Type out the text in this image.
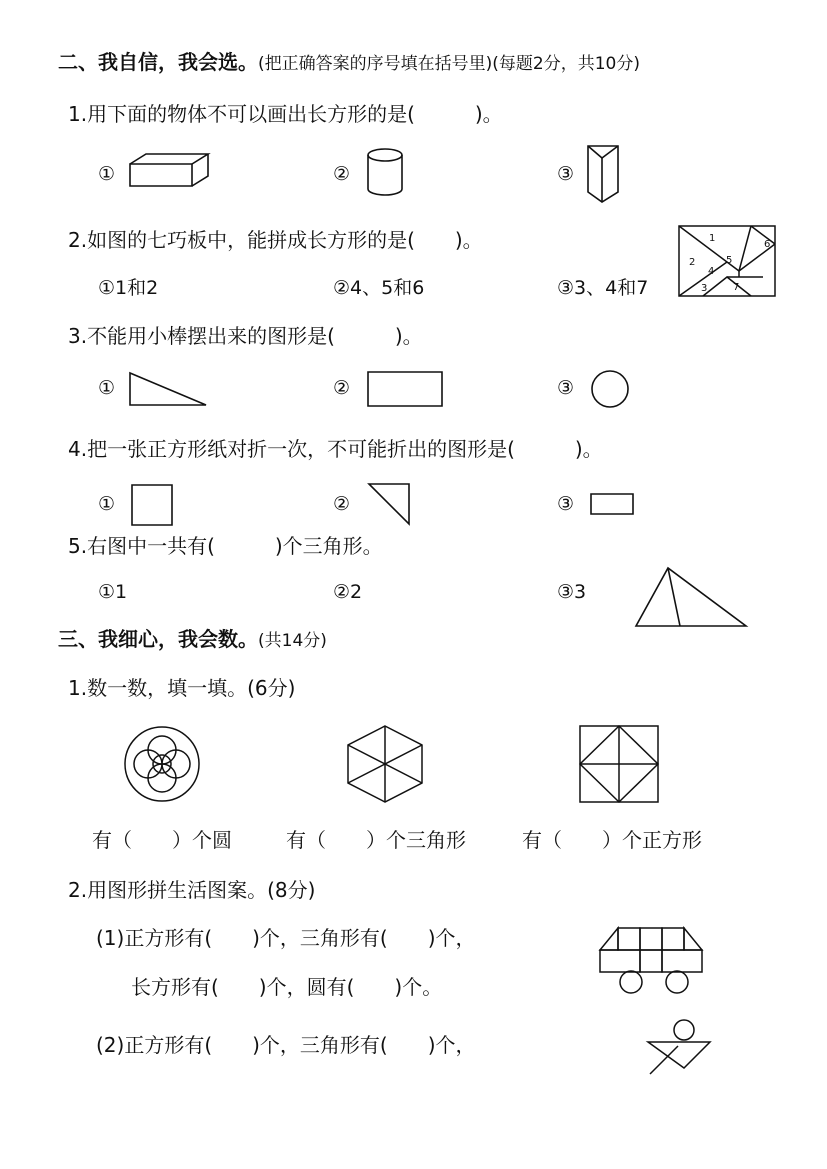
二、我自信，我会选。(把正确答案的序号填在括号里)(每题2分，共10分)
1.用下面的物体不可以画出长方形的是(　　　)。
①	②	③
2.如图的七巧板中，能拼成长方形的是(　　)。
①1和2	②4、5和6	③3、4和7
1
2
3
4
5
6
7
3.不能用小棒摆出来的图形是(　　　)。
①	②	③
4.把一张正方形纸对折一次，不可能折出的图形是(　　　)。
①	②	③
5.右图中一共有(　　　)个三角形。
①1	②2	③3
三、我细心，我会数。(共14分)
1.数一数，填一填。(6分)
有（　　）个圆	有（　　）个三角形	有（　　）个正方形
2.用图形拼生活图案。(8分)
(1)正方形有(　　)个，三角形有(　　)个，
长方形有(　　)个，圆有(　　)个。
(2)正方形有(　　)个，三角形有(　　)个，
